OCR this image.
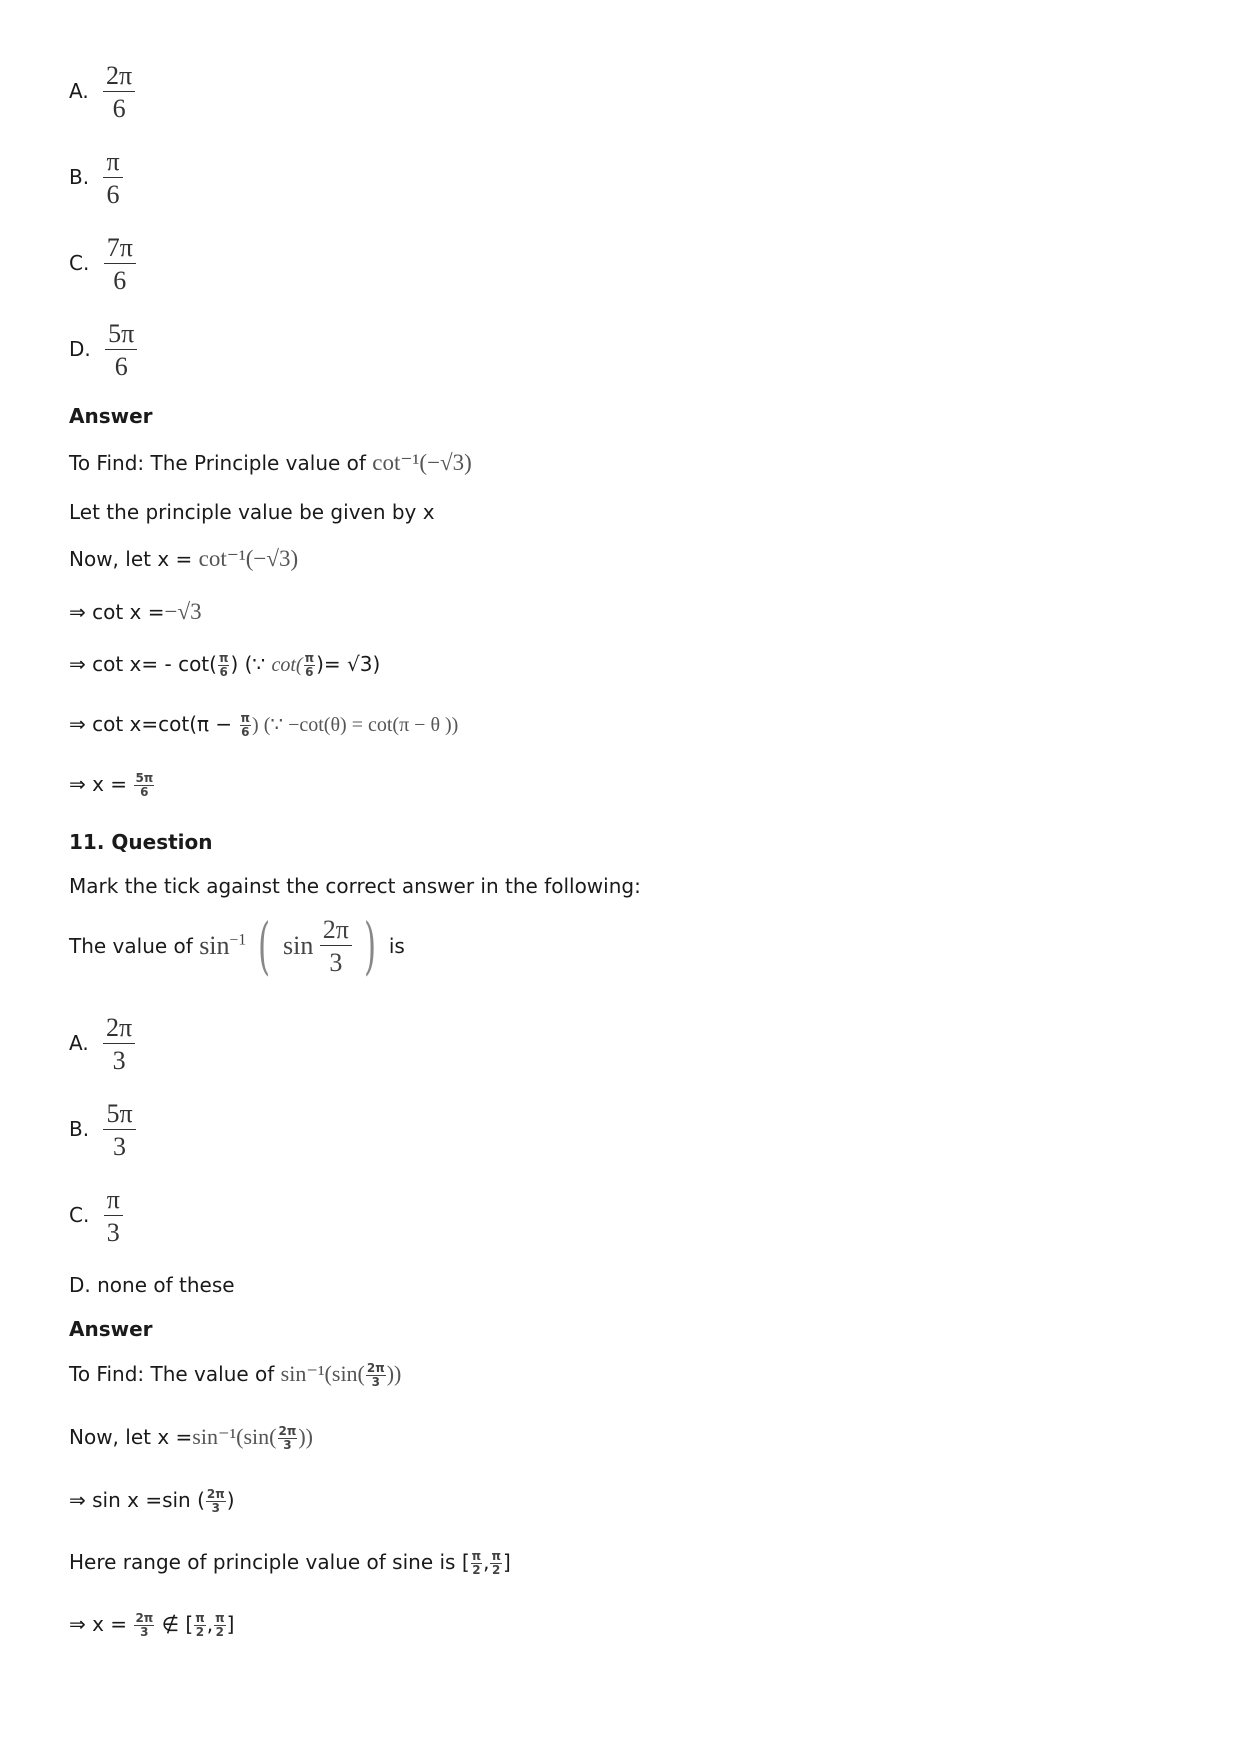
A. $\frac{2\pi}{6}$
B. $\frac{\pi}{6}$
C. $\frac{7\pi}{6}$
D. $\frac{5\pi}{6}$
Answer
To Find: The Principle value of cot⁻¹(−√3)
Let the principle value be given by x
Now, let x = cot⁻¹(−√3)
⇒ cot x =−√3
⇒ $\cot x= - \cot( \frac{\pi}{6}$ ) (∵ $\cot( \frac{\pi}{6}$ )= √3)
⇒ $\cot x=\cot(\pi - \frac{\pi}{6}$ ) (∵ −cot(θ) = cot(π − θ ))
⇒ $x = \frac{5\pi}{6}$
11. Question
Mark the tick against the correct answer in the following:
The value of $\sin^{-1}$ ( $\sin \frac{2\pi}{3}$ ) is
A. $\frac{2\pi}{3}$
B. $\frac{5\pi}{3}$
C. $\frac{\pi}{3}$
D. none of these
Answer
To Find: The value of $\sin^{-1}(\sin( \frac{2\pi}{3}$ ))
Now, let $x =\sin^{-1}(\sin( \frac{2\pi}{3}$ ))
⇒ sin x =sin ( $\frac{2\pi}{3}$ )
Here range of principle value of sine is [ $\frac{\pi}{2}$ , $\frac{\pi}{2}$ ]
⇒ $x = \frac{2\pi}{3}$ ∉ [ $\frac{\pi}{2}$ , $\frac{\pi}{2}$ ]
